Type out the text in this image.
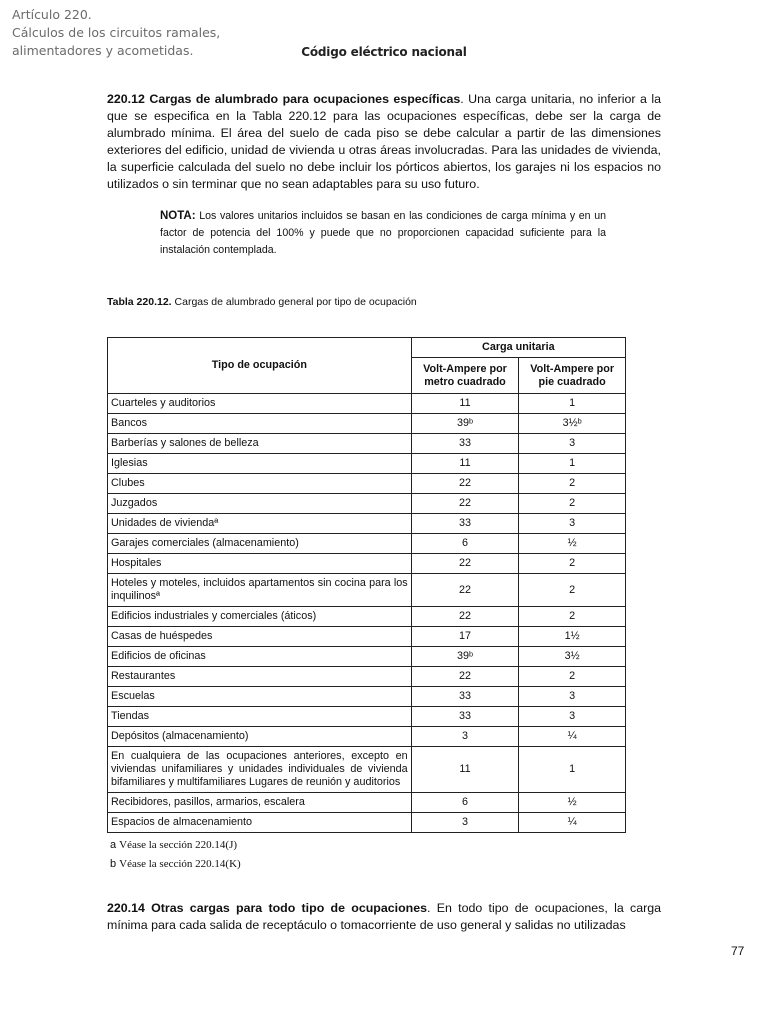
Artículo 220.
Cálculos de los circuitos ramales,
alimentadores y acometidas.	Código eléctrico nacional

220.12 Cargas de alumbrado para ocupaciones específicas. Una carga unitaria, no inferior a la que se especifica en la Tabla 220.12 para las ocupaciones específicas, debe ser la carga de alumbrado mínima. El área del suelo de cada piso se debe calcular a partir de las dimensiones exteriores del edificio, unidad de vivienda u otras áreas involucradas. Para las unidades de vivienda, la superficie calculada del suelo no debe incluir los pórticos abiertos, los garajes ni los espacios no utilizados o sin terminar que no sean adaptables para su uso futuro.

NOTA: Los valores unitarios incluidos se basan en las condiciones de carga mínima y en un factor de potencia del 100% y puede que no proporcionen capacidad suficiente para la instalación contemplada.

Tabla 220.12. Cargas de alumbrado general por tipo de ocupación

Tipo de ocupación	Carga unitaria	
	Volt-Ampere por metro cuadrado	Volt-Ampere por pie cuadrado
Cuarteles y auditorios	11	1
Bancos	39ᵇ	3½ᵇ
Barberías y salones de belleza	33	3
Iglesias	11	1
Clubes	22	2
Juzgados	22	2
Unidades de viviendaª	33	3
Garajes comerciales (almacenamiento)	6	½
Hospitales	22	2
Hoteles y moteles, incluidos apartamentos sin cocina para los inquilinosª	22	2
Edificios industriales y comerciales (áticos)	22	2
Casas de huéspedes	17	1½
Edificios de oficinas	39ᵇ	3½
Restaurantes	22	2
Escuelas	33	3
Tiendas	33	3
Depósitos (almacenamiento)	3	¼
En cualquiera de las ocupaciones anteriores, excepto en viviendas unifamiliares y unidades individuales de vivienda bifamiliares y multifamiliares Lugares de reunión y auditorios	11	1
Recibidores, pasillos, armarios, escalera	6	½
Espacios de almacenamiento	3	¼

a Véase la sección 220.14(J)

b Véase la sección 220.14(K)

220.14 Otras cargas para todo tipo de ocupaciones. En todo tipo de ocupaciones, la carga mínima para cada salida de receptáculo o tomacorriente de uso general y salidas no utilizadas

77
